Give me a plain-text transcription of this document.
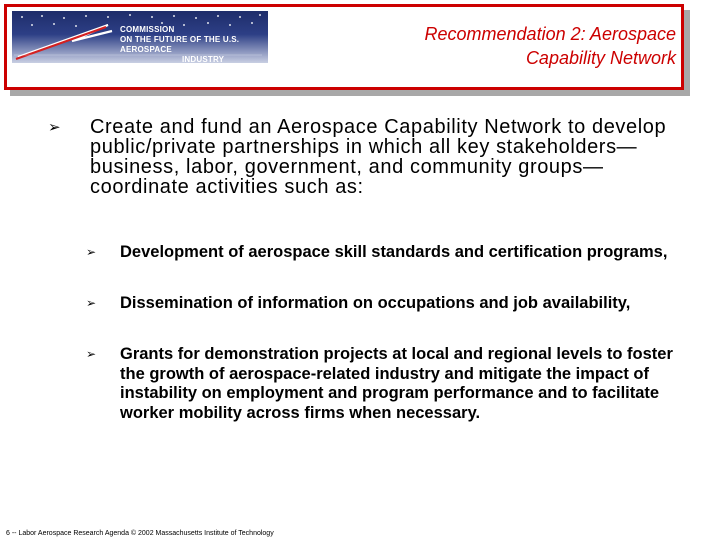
COMMISSION
ON THE FUTURE OF THE U.S. AEROSPACE
INDUSTRY
Recommendation 2: Aerospace
Capability Network
➢ Create and fund an Aerospace Capability Network to develop public/private partnerships in which all key stakeholders—business, labor, government, and community groups—coordinate activities such as:
➢ Development of aerospace skill standards and certification programs,
➢ Dissemination of information on occupations and job availability,
➢ Grants for demonstration projects at local and regional levels to foster the growth of aerospace-related industry and mitigate the impact of instability on employment and program performance and to facilitate worker mobility across firms when necessary.
6 -- Labor Aerospace Research Agenda © 2002 Massachusetts Institute of Technology
